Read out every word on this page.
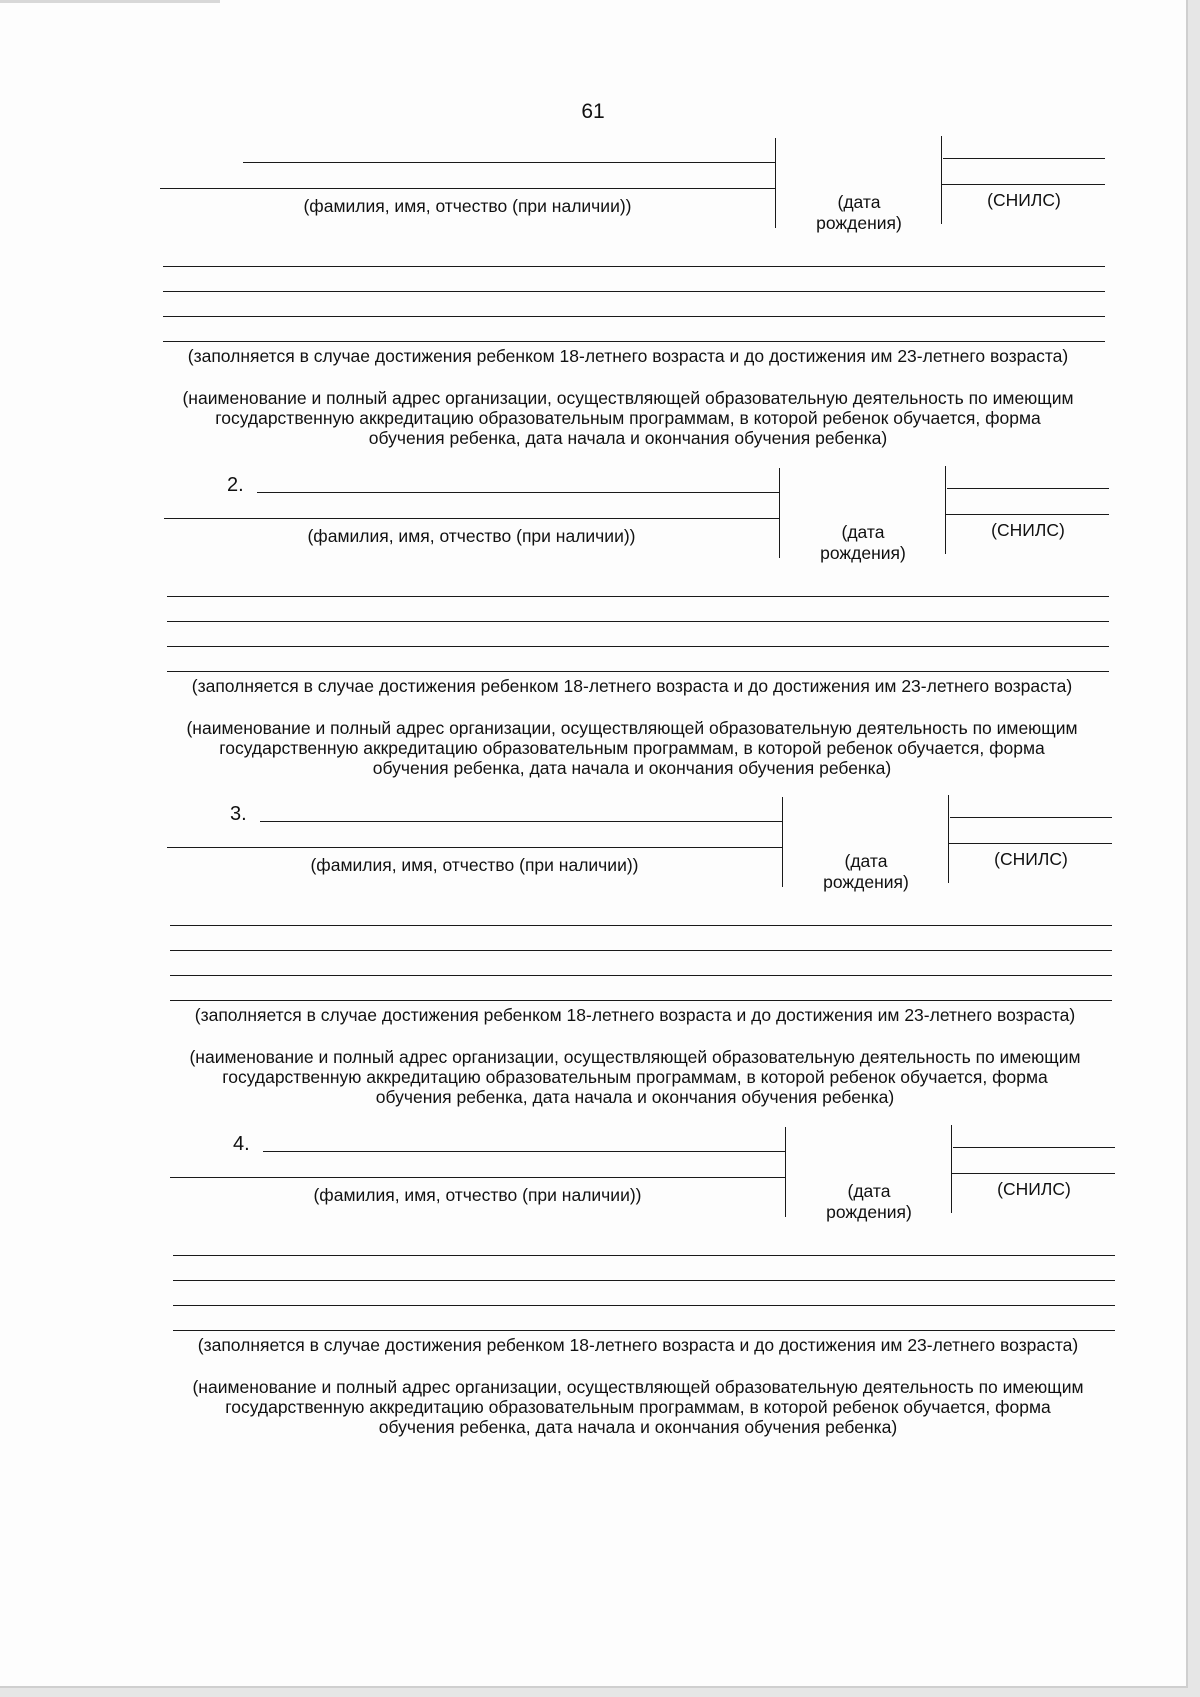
61
(фамилия, имя, отчество (при наличии))	(дата
рождения)
(СНИЛС)
(заполняется в случае достижения ребенком 18-летнего возраста и до достижения им 23-летнего возраста)
(наименование и полный адрес организации, осуществляющей образовательную деятельность по имеющим государственную аккредитацию образовательным программам, в которой ребенок обучается, форма обучения ребенка, дата начала и окончания обучения ребенка)
2.
(фамилия, имя, отчество (при наличии))	(дата
рождения)
(СНИЛС)
(заполняется в случае достижения ребенком 18-летнего возраста и до достижения им 23-летнего возраста)
(наименование и полный адрес организации, осуществляющей образовательную деятельность по имеющим государственную аккредитацию образовательным программам, в которой ребенок обучается, форма обучения ребенка, дата начала и окончания обучения ребенка)
3.
(фамилия, имя, отчество (при наличии))	(дата
рождения)
(СНИЛС)
(заполняется в случае достижения ребенком 18-летнего возраста и до достижения им 23-летнего возраста)
(наименование и полный адрес организации, осуществляющей образовательную деятельность по имеющим государственную аккредитацию образовательным программам, в которой ребенок обучается, форма обучения ребенка, дата начала и окончания обучения ребенка)
4.
(фамилия, имя, отчество (при наличии))	(дата
рождения)
(СНИЛС)
(заполняется в случае достижения ребенком 18-летнего возраста и до достижения им 23-летнего возраста)
(наименование и полный адрес организации, осуществляющей образовательную деятельность по имеющим государственную аккредитацию образовательным программам, в которой ребенок обучается, форма обучения ребенка, дата начала и окончания обучения ребенка)
